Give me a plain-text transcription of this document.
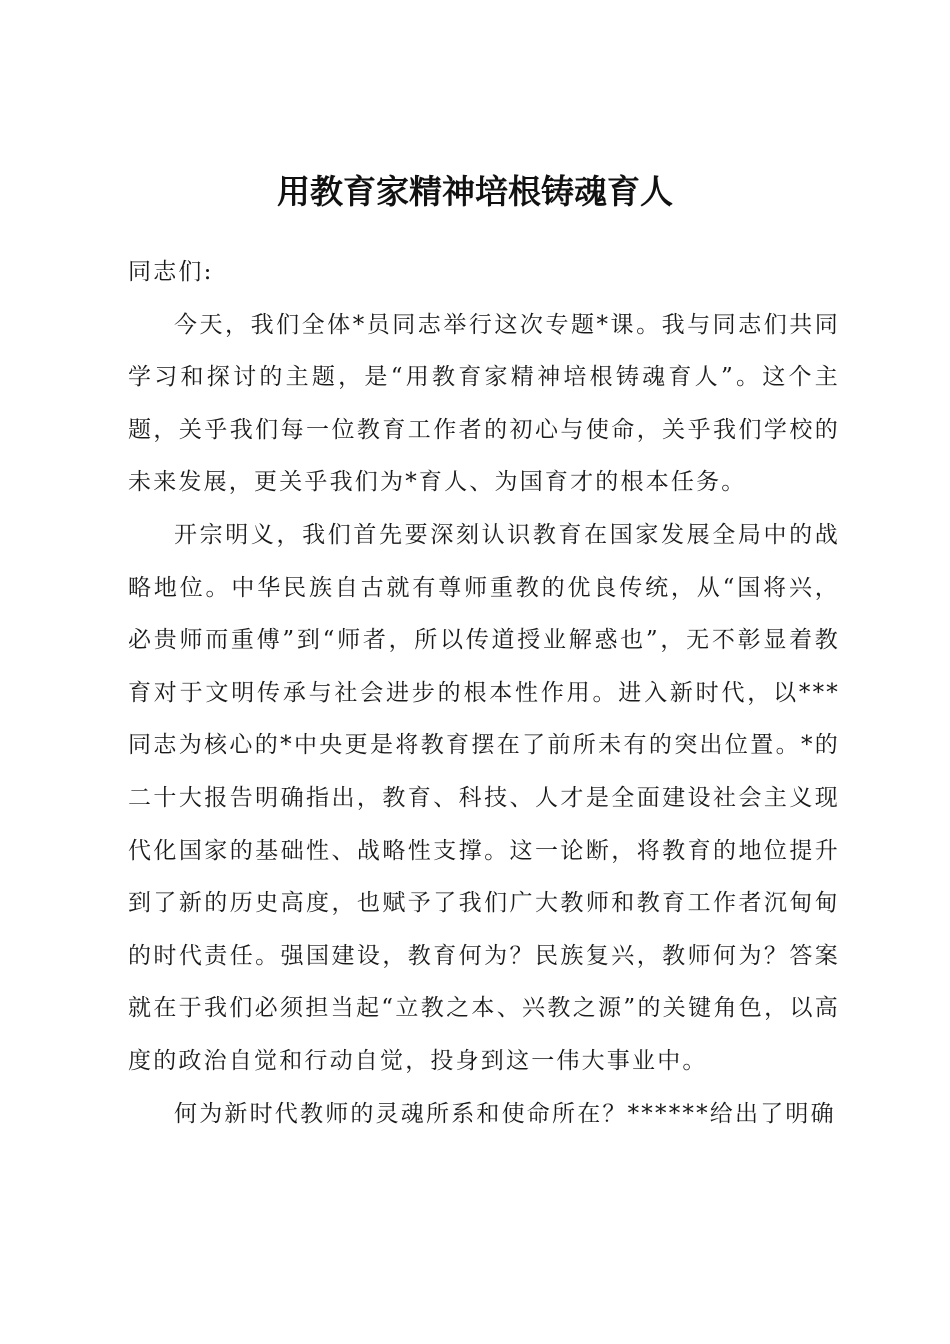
用教育家精神培根铸魂育人

同志们:

今天，我们全体*员同志举行这次专题*课。我与同志们共同学习和探讨的主题，是“用教育家精神培根铸魂育人”。这个主题，关乎我们每一位教育工作者的初心与使命，关乎我们学校的未来发展，更关乎我们为*育人、为国育才的根本任务。

开宗明义，我们首先要深刻认识教育在国家发展全局中的战略地位。中华民族自古就有尊师重教的优良传统，从“国将兴，必贵师而重傅”到“师者，所以传道授业解惑也”，无不彰显着教育对于文明传承与社会进步的根本性作用。进入新时代，以***同志为核心的*中央更是将教育摆在了前所未有的突出位置。*的二十大报告明确指出，教育、科技、人才是全面建设社会主义现代化国家的基础性、战略性支撑。这一论断，将教育的地位提升到了新的历史高度，也赋予了我们广大教师和教育工作者沉甸甸的时代责任。强国建设，教育何为？民族复兴，教师何为？答案就在于我们必须担当起“立教之本、兴教之源”的关键角色，以高度的政治自觉和行动自觉，投身到这一伟大事业中。

何为新时代教师的灵魂所系和使命所在？******给出了明确
